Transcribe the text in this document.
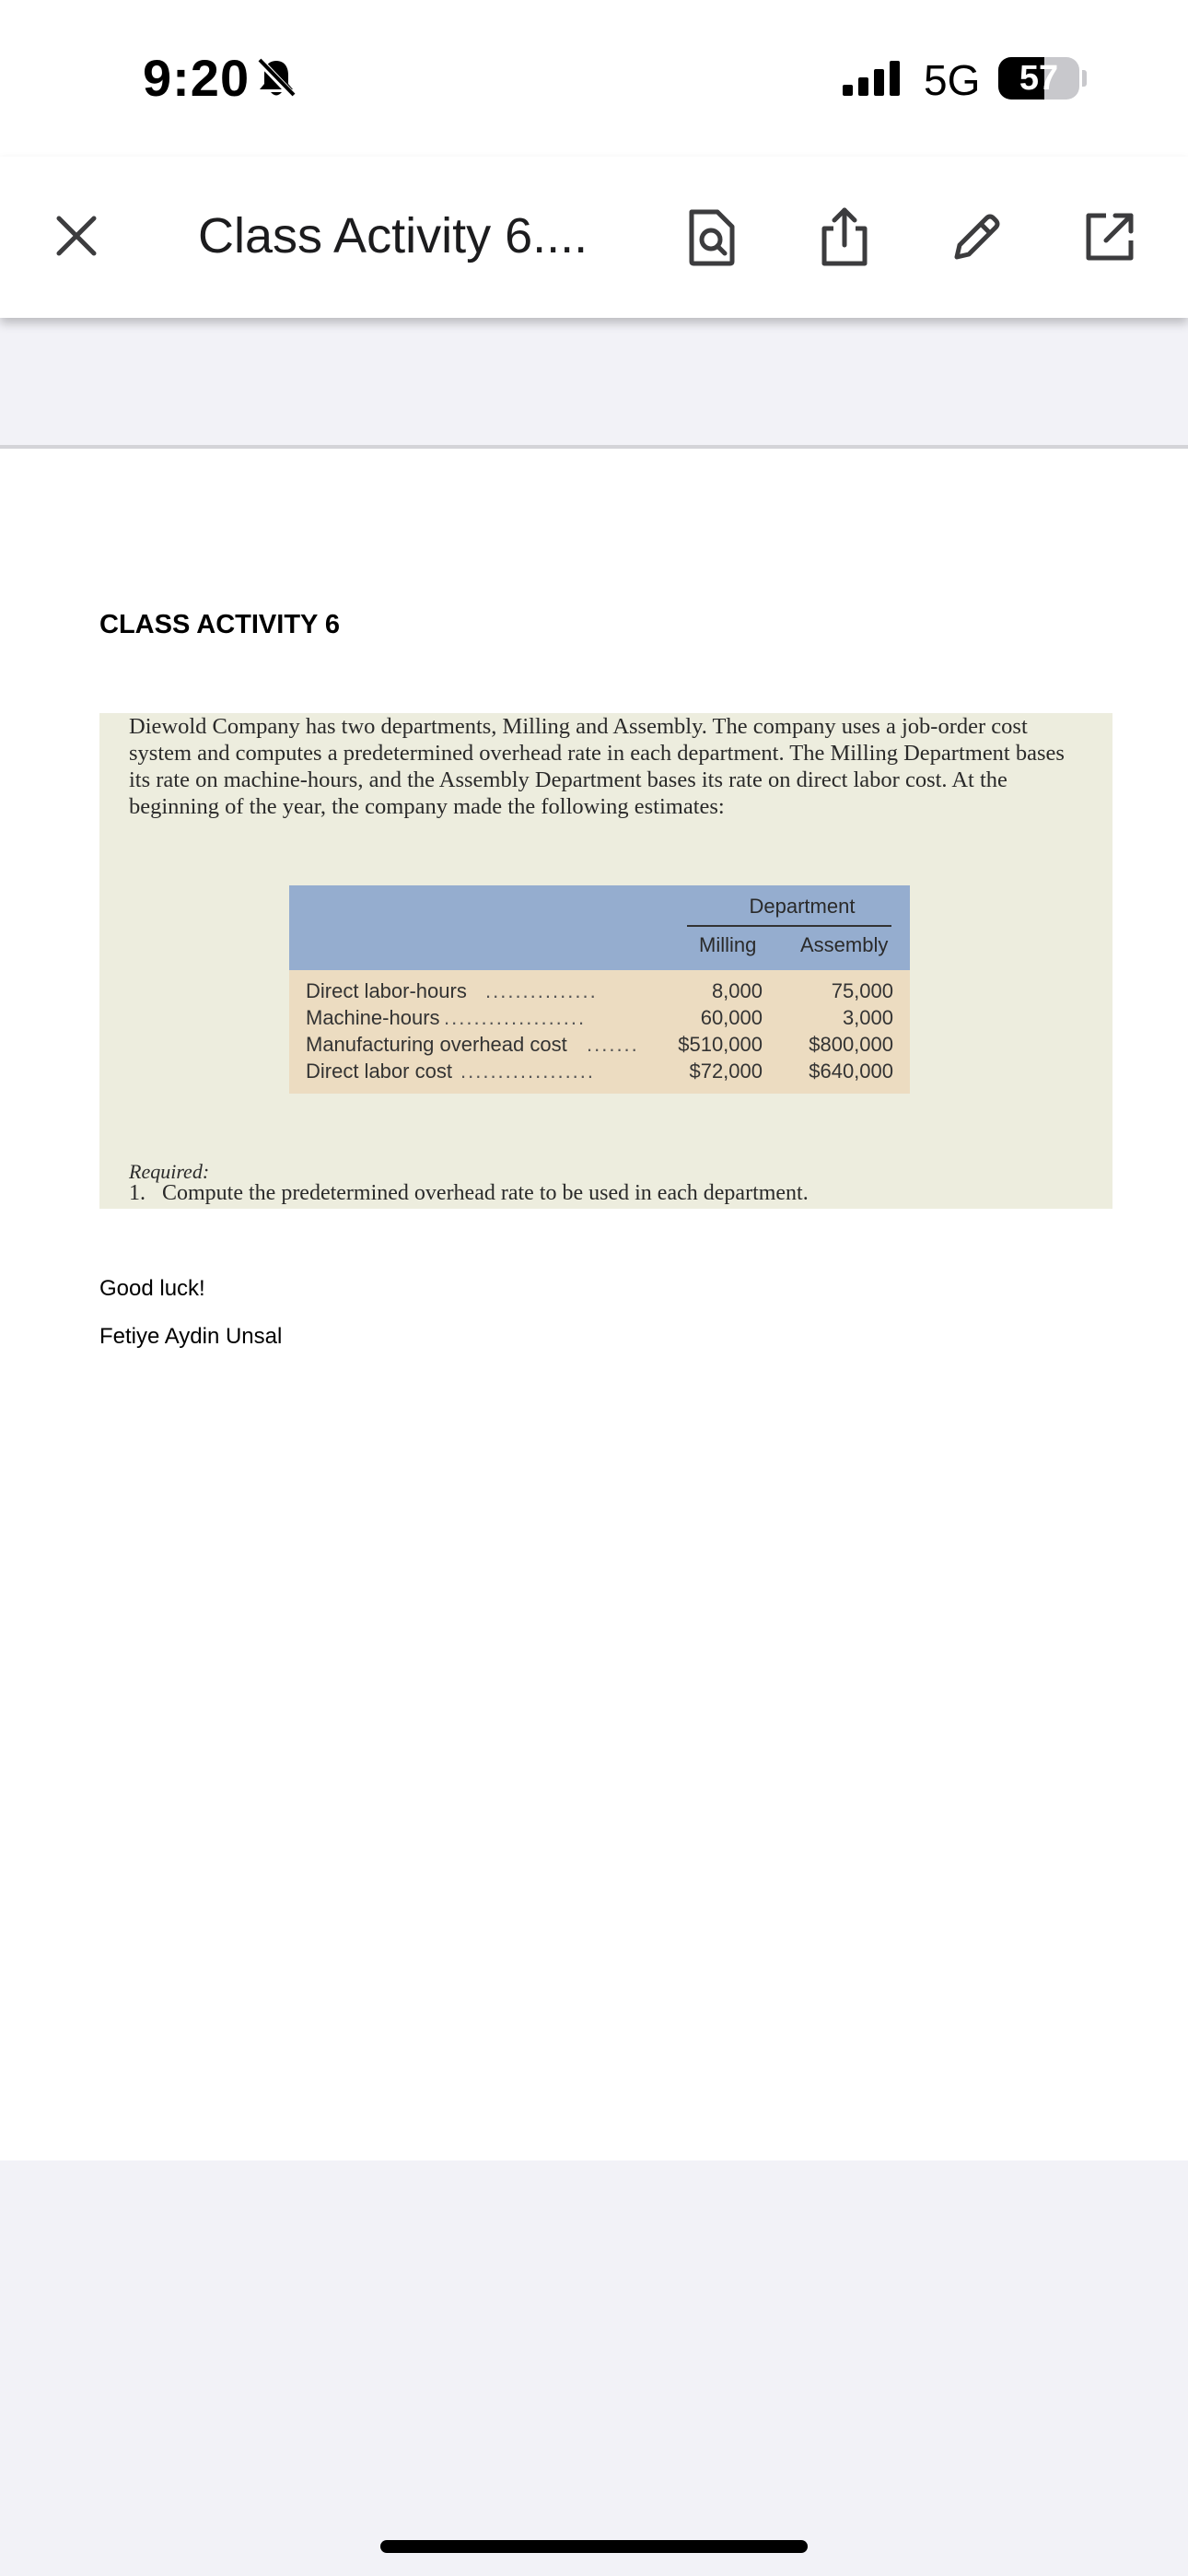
9:20	5G	57
Class Activity 6....
CLASS ACTIVITY 6
Diewold Company has two departments, Milling and Assembly. The company uses a job-order cost system and computes a predetermined overhead rate in each department. The Milling Department bases its rate on machine-hours, and the Assembly Department bases its rate on direct labor cost. At the beginning of the year, the company made the following estimates:
Department
Milling Assembly
Direct labor-hours ...............	8,000	75,000
Machine-hours ...................	60,000	3,000
Manufacturing overhead cost ....... $510,000 $800,000
Direct labor cost ..................	$72,000 $640,000
Required:
1.   Compute the predetermined overhead rate to be used in each department.
Good luck!
Fetiye Aydin Unsal
